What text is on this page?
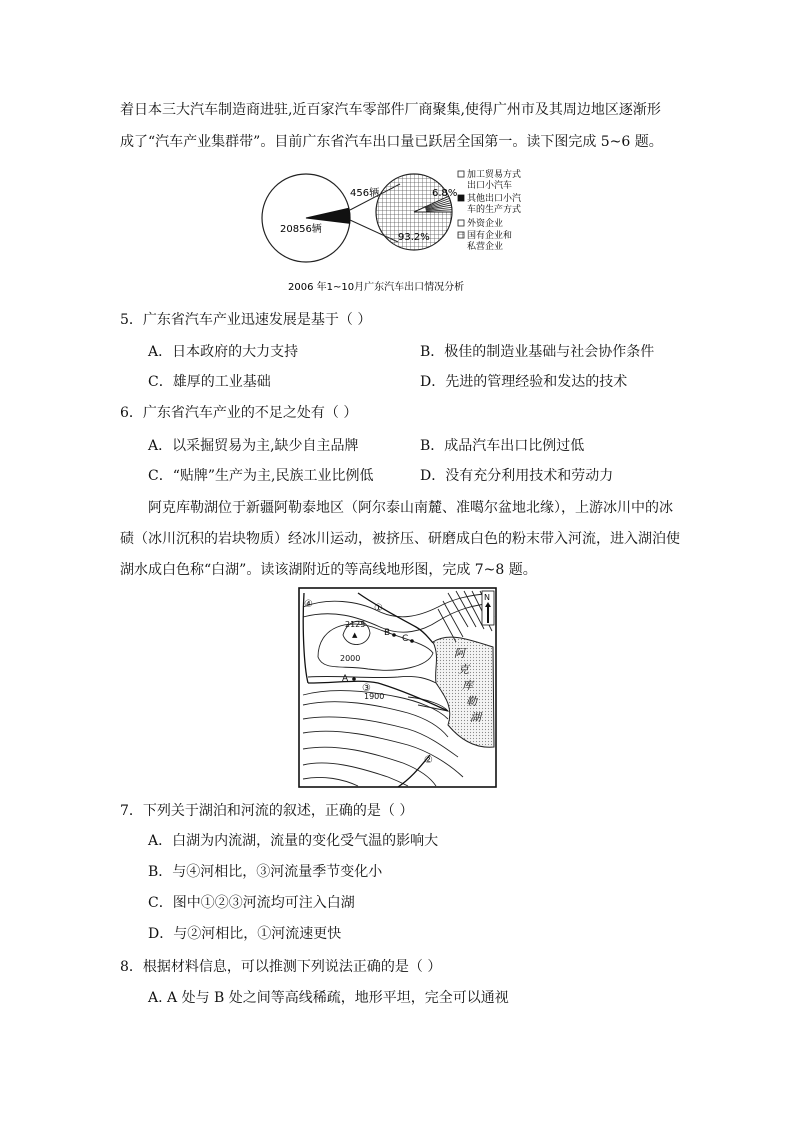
着日本三大汽车制造商进驻,近百家汽车零部件厂商聚集,使得广州市及其周边地区逐渐形
成了“汽车产业集群带”。目前广东省汽车出口量已跃居全国第一。读下图完成 5~6 题。
20856辆
456辆	6.8%
93.2%
加工贸易方式
出口小汽车
其他出口小汽
车的生产方式
外资企业
国有企业和
私营企业
2006 年1~10月广东汽车出口情况分析
5．广东省汽车产业迅速发展是基于（ ）
A．日本政府的大力支持	B．极佳的制造业基础与社会协作条件
C．雄厚的工业基础	D．先进的管理经验和发达的技术
6．广东省汽车产业的不足之处有（ ）
A．以采掘贸易为主,缺少自主品牌	B．成品汽车出口比例过低
C．“贴牌”生产为主,民族工业比例低	D．没有充分利用技术和劳动力
阿克库勒湖位于新疆阿勒泰地区（阿尔泰山南麓、准噶尔盆地北缘），上游冰川中的冰
碛（冰川沉积的岩块物质）经冰川运动，被挤压、研磨成白色的粉末带入河流，进入湖泊使
湖水成白色称“白湖”。读该湖附近的等高线地形图，完成 7~8 题。
阿
克
库
勒
湖
2125
▲
2000
1900
A
B
C
①
③
②
④
N
7．下列关于湖泊和河流的叙述，正确的是（ ）
A．白湖为内流湖，流量的变化受气温的影响大
B．与④河相比，③河流量季节变化小
C．图中①②③河流均可注入白湖
D．与②河相比，①河流速更快
8．根据材料信息，可以推测下列说法正确的是（ ）
A. A 处与 B 处之间等高线稀疏，地形平坦，完全可以通视
